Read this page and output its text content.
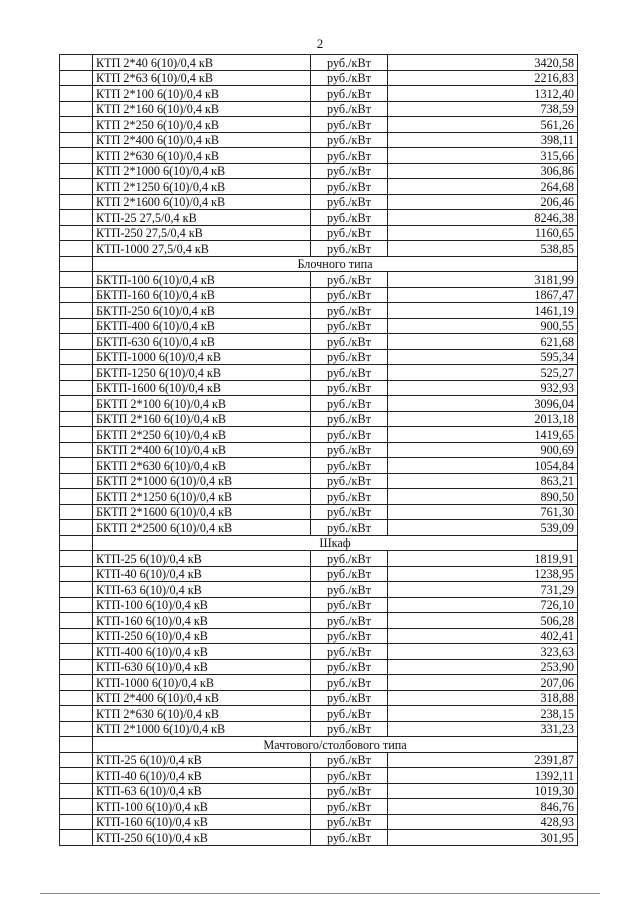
2
	КТП 2*40 6(10)/0,4 кВ	руб./кВт	3420,58
	КТП 2*63 6(10)/0,4 кВ	руб./кВт	2216,83
	КТП 2*100 6(10)/0,4 кВ	руб./кВт	1312,40
	КТП 2*160 6(10)/0,4 кВ	руб./кВт	738,59
	КТП 2*250 6(10)/0,4 кВ	руб./кВт	561,26
	КТП 2*400 6(10)/0,4 кВ	руб./кВт	398,11
	КТП 2*630 6(10)/0,4 кВ	руб./кВт	315,66
	КТП 2*1000 6(10)/0,4 кВ	руб./кВт	306,86
	КТП 2*1250 6(10)/0,4 кВ	руб./кВт	264,68
	КТП 2*1600 6(10)/0,4 кВ	руб./кВт	206,46
	КТП-25 27,5/0,4 кВ	руб./кВт	8246,38
	КТП-250 27,5/0,4 кВ	руб./кВт	1160,65
	КТП-1000 27,5/0,4 кВ	руб./кВт	538,85
	Блочного типа		
	БКТП-100 6(10)/0,4 кВ	руб./кВт	3181,99
	БКТП-160 6(10)/0,4 кВ	руб./кВт	1867,47
	БКТП-250 6(10)/0,4 кВ	руб./кВт	1461,19
	БКТП-400 6(10)/0,4 кВ	руб./кВт	900,55
	БКТП-630 6(10)/0,4 кВ	руб./кВт	621,68
	БКТП-1000 6(10)/0,4 кВ	руб./кВт	595,34
	БКТП-1250 6(10)/0,4 кВ	руб./кВт	525,27
	БКТП-1600 6(10)/0,4 кВ	руб./кВт	932,93
	БКТП 2*100 6(10)/0,4 кВ	руб./кВт	3096,04
	БКТП 2*160 6(10)/0,4 кВ	руб./кВт	2013,18
	БКТП 2*250 6(10)/0,4 кВ	руб./кВт	1419,65
	БКТП 2*400 6(10)/0,4 кВ	руб./кВт	900,69
	БКТП 2*630 6(10)/0,4 кВ	руб./кВт	1054,84
	БКТП 2*1000 6(10)/0,4 кВ	руб./кВт	863,21
	БКТП 2*1250 6(10)/0,4 кВ	руб./кВт	890,50
	БКТП 2*1600 6(10)/0,4 кВ	руб./кВт	761,30
	БКТП 2*2500 6(10)/0,4 кВ	руб./кВт	539,09
	Шкаф		
	КТП-25 6(10)/0,4 кВ	руб./кВт	1819,91
	КТП-40 6(10)/0,4 кВ	руб./кВт	1238,95
	КТП-63 6(10)/0,4 кВ	руб./кВт	731,29
	КТП-100 6(10)/0,4 кВ	руб./кВт	726,10
	КТП-160 6(10)/0,4 кВ	руб./кВт	506,28
	КТП-250 6(10)/0,4 кВ	руб./кВт	402,41
	КТП-400 6(10)/0,4 кВ	руб./кВт	323,63
	КТП-630 6(10)/0,4 кВ	руб./кВт	253,90
	КТП-1000 6(10)/0,4 кВ	руб./кВт	207,06
	КТП 2*400 6(10)/0,4 кВ	руб./кВт	318,88
	КТП 2*630 6(10)/0,4 кВ	руб./кВт	238,15
	КТП 2*1000 6(10)/0,4 кВ	руб./кВт	331,23
	Мачтового/столбового типа		
	КТП-25 6(10)/0,4 кВ	руб./кВт	2391,87
	КТП-40 6(10)/0,4 кВ	руб./кВт	1392,11
	КТП-63 6(10)/0,4 кВ	руб./кВт	1019,30
	КТП-100 6(10)/0,4 кВ	руб./кВт	846,76
	КТП-160 6(10)/0,4 кВ	руб./кВт	428,93
	КТП-250 6(10)/0,4 кВ	руб./кВт	301,95
